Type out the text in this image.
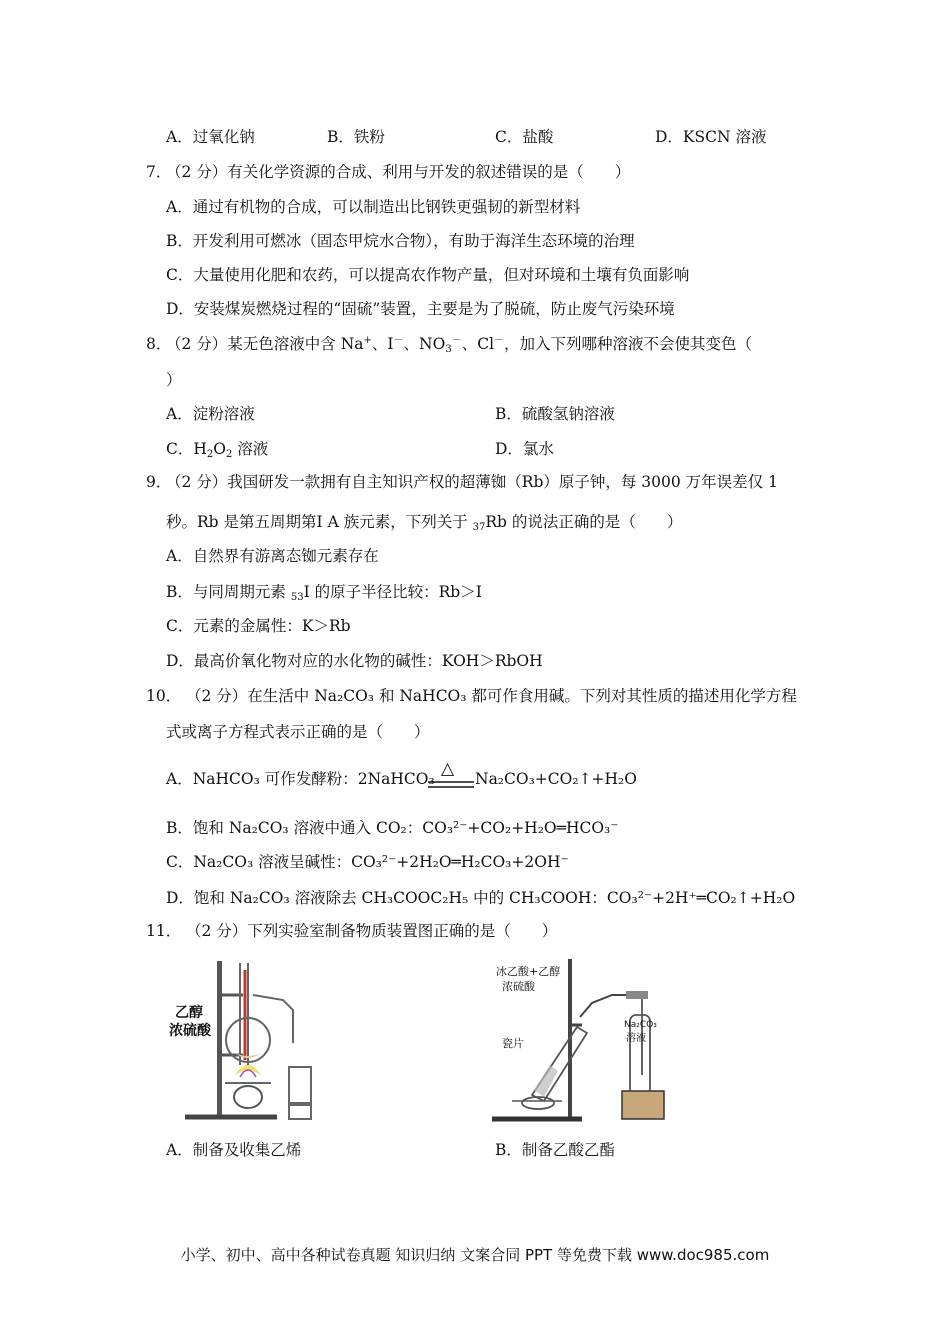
A．过氧化钠	B．铁粉	C．盐酸	D．KSCN 溶液
7．
（2 分）有关化学资源的合成、利用与开发的叙述错误的是（　　）
A．通过有机物的合成，可以制造出比钢铁更强韧的新型材料
B．开发利用可燃冰（固态甲烷水合物），有助于海洋生态环境的治理
C．大量使用化肥和农药，可以提高农作物产量，但对环境和土壤有负面影响
D．安装煤炭燃烧过程的“固硫”装置，主要是为了脱硫，防止废气污染环境
8．
（2 分）某无色溶液中含 Na+、I－、$NO_3^-$、Cl－，加入下列哪种溶液不会使其变色（
）
A．淀粉溶液	B．硫酸氢钠溶液
C．$H_2O_2$ 溶液	D．氯水
9．
（2 分）我国研发一款拥有自主知识产权的超薄铷（Rb）原子钟，每 3000 万年误差仅 1
秒。Rb 是第五周期第Ⅰ A 族元素，下列关于 $_{37}$Rb 的说法正确的是（　　）
A．自然界有游离态铷元素存在
B．与同周期元素 $_{53}$I 的原子半径比较：Rb＞I
C．元素的金属性：K＞Rb
D．最高价氧化物对应的水化物的碱性：KOH＞RbOH
10． （2 分）在生活中 Na₂CO₃ 和 NaHCO₃ 都可作食用碱。下列对其性质的描述用化学方程
式或离子方程式表示正确的是（　　）
A．NaHCO₃ 可作发酵粉：2NaHCO₃ △ Na₂CO₃+CO₂↑+H₂O
B．饱和 Na₂CO₃ 溶液中通入 CO₂：CO₃²⁻+CO₂+H₂O═HCO₃⁻
C．Na₂CO₃ 溶液呈碱性：CO₃²⁻+2H₂O═H₂CO₃+2OH⁻
D．饱和 Na₂CO₃ 溶液除去 CH₃COOC₂H₅ 中的 CH₃COOH：CO₃²⁻+2H⁺═CO₂↑+H₂O
11． （2 分）下列实验室制备物质装置图正确的是（　　）
乙醇
浓硫酸
冰乙酸+乙醇
浓硫酸
瓷片
Na₂CO₃
溶液
A．制备及收集乙烯	B．制备乙酸乙酯
小学、初中、高中各种试卷真题 知识归纳 文案合同 PPT 等免费下载 www.doc985.com
